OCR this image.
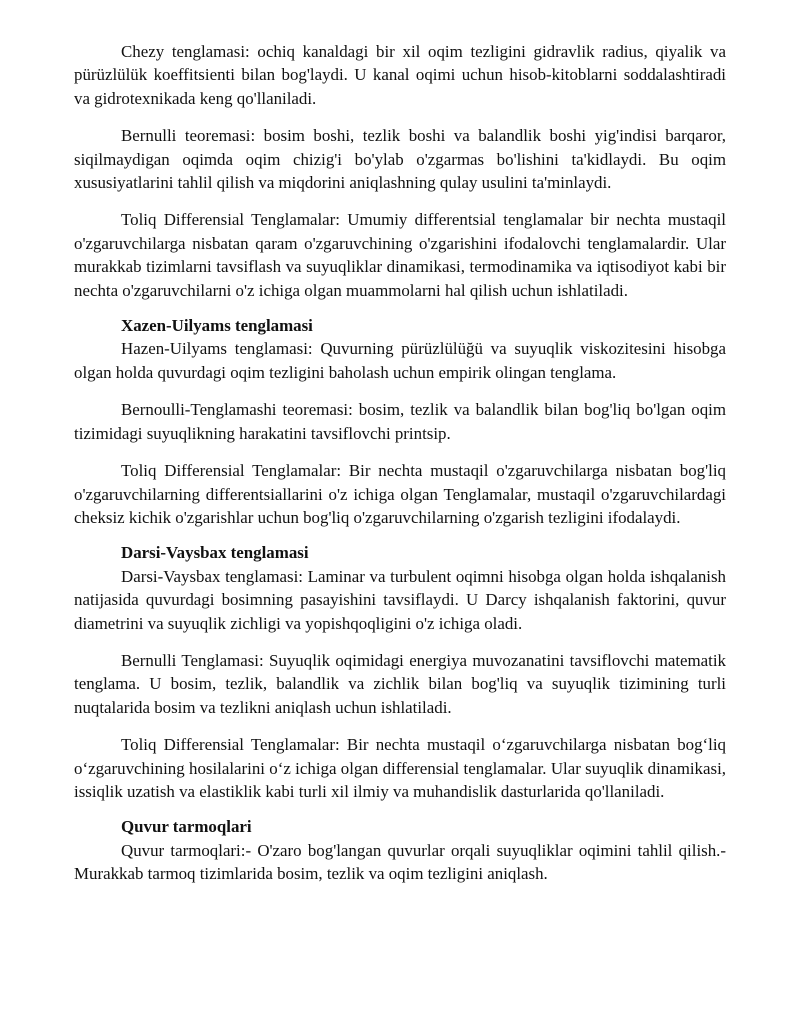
Chezy tenglamasi: ochiq kanaldagi bir xil oqim tezligini gidravlik radius, qiyalik va pürüzlülük koeffitsienti bilan bog'laydi. U kanal oqimi uchun hisob-kitoblarni soddalashtiradi va gidrotexnikada keng qo'llaniladi.

Bernulli teoremasi: bosim boshi, tezlik boshi va balandlik boshi yig'indisi barqaror, siqilmaydigan oqimda oqim chizig'i bo'ylab o'zgarmas bo'lishini ta'kidlaydi. Bu oqim xususiyatlarini tahlil qilish va miqdorini aniqlashning qulay usulini ta'minlaydi.

Toliq Differensial Tenglamalar: Umumiy differentsial tenglamalar bir nechta mustaqil o'zgaruvchilarga nisbatan qaram o'zgaruvchining o'zgarishini ifodalovchi tenglamalardir. Ular murakkab tizimlarni tavsiflash va suyuqliklar dinamikasi, termodinamika va iqtisodiyot kabi bir nechta o'zgaruvchilarni o'z ichiga olgan muammolarni hal qilish uchun ishlatiladi.

Xazen-Uilyams tenglamasi

Hazen-Uilyams tenglamasi: Quvurning pürüzlülüğü va suyuqlik viskozitesini hisobga olgan holda quvurdagi oqim tezligini baholash uchun empirik olingan tenglama.

Bernoulli-Tenglamashi teoremasi: bosim, tezlik va balandlik bilan bog'liq bo'lgan oqim tizimidagi suyuqlikning harakatini tavsiflovchi printsip.

Toliq Differensial Tenglamalar: Bir nechta mustaqil o'zgaruvchilarga nisbatan bog'liq o'zgaruvchilarning differentsiallarini o'z ichiga olgan Tenglamalar, mustaqil o'zgaruvchilardagi cheksiz kichik o'zgarishlar uchun bog'liq o'zgaruvchilarning o'zgarish tezligini ifodalaydi.

Darsi-Vaysbax tenglamasi

Darsi-Vaysbax tenglamasi: Laminar va turbulent oqimni hisobga olgan holda ishqalanish natijasida quvurdagi bosimning pasayishini tavsiflaydi. U Darcy ishqalanish faktorini, quvur diametrini va suyuqlik zichligi va yopishqoqligini o'z ichiga oladi.

Bernulli Tenglamasi: Suyuqlik oqimidagi energiya muvozanatini tavsiflovchi matematik tenglama. U bosim, tezlik, balandlik va zichlik bilan bog'liq va suyuqlik tizimining turli nuqtalarida bosim va tezlikni aniqlash uchun ishlatiladi.

Toliq Differensial Tenglamalar: Bir nechta mustaqil o‘zgaruvchilarga nisbatan bog‘liq o‘zgaruvchining hosilalarini o‘z ichiga olgan differensial tenglamalar. Ular suyuqlik dinamikasi, issiqlik uzatish va elastiklik kabi turli xil ilmiy va muhandislik dasturlarida qo'llaniladi.

Quvur tarmoqlari

Quvur tarmoqlari:- O'zaro bog'langan quvurlar orqali suyuqliklar oqimini tahlil qilish.- Murakkab tarmoq tizimlarida bosim, tezlik va oqim tezligini aniqlash.
